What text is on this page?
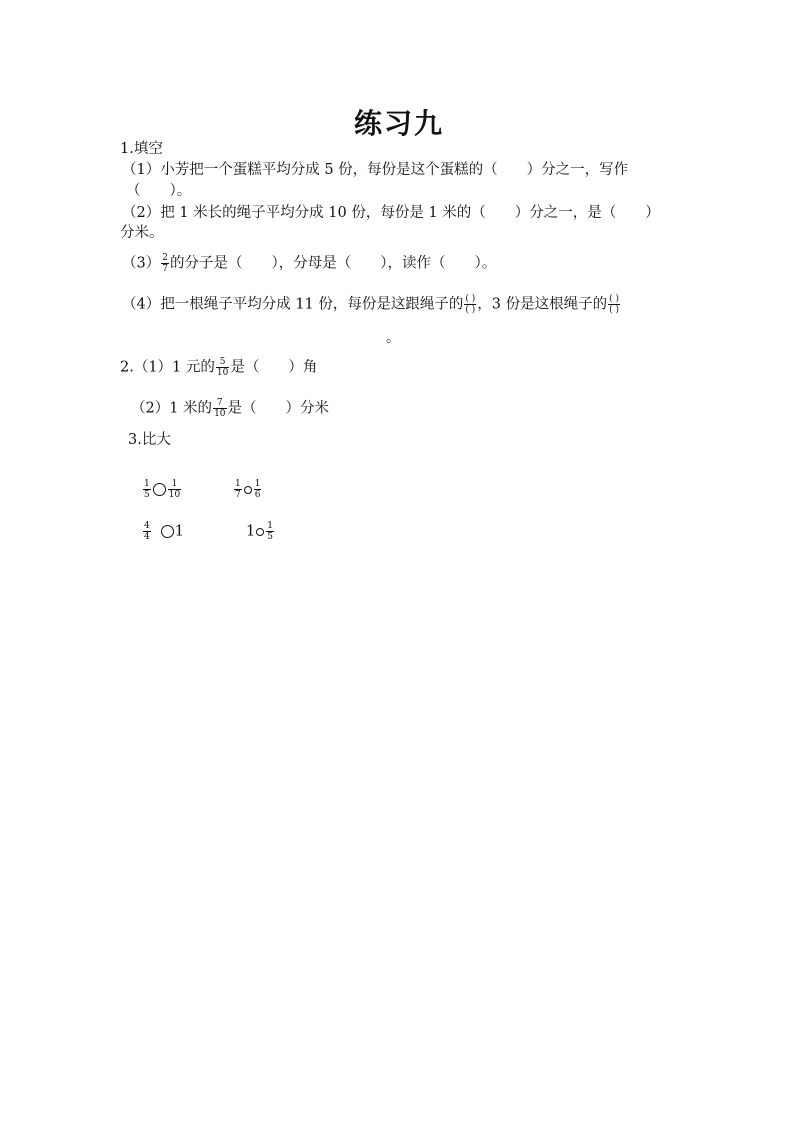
练习九
1.填空
（1）小芳把一个蛋糕平均分成 5 份，每份是这个蛋糕的（　　）分之一，写作
（　　）。
（2）把 1 米长的绳子平均分成 10 份，每份是 1 米的（　　）分之一，是（　　）
分米。
$(3) \frac{2}{7}$ 的分子是（　　），分母是（　　），读作（　　）。
（4）把一根绳子平均分成 11 份，每份是这跟绳子的 $\frac{( )}{( )}$ ，3 份是这根绳子的 $\frac{( )}{( )}$
。
2.（1）1 元的 $\frac{5}{10}$ 是（　　）角
（2）1 米的 $\frac{7}{10}$ 是（　　）分米
3.比大
$\frac{1}{5} \frac{1}{10}$	$\frac{1}{7} \frac{1}{6}$
$\frac{4}{4} 1$	$1 \frac{1}{5}$
